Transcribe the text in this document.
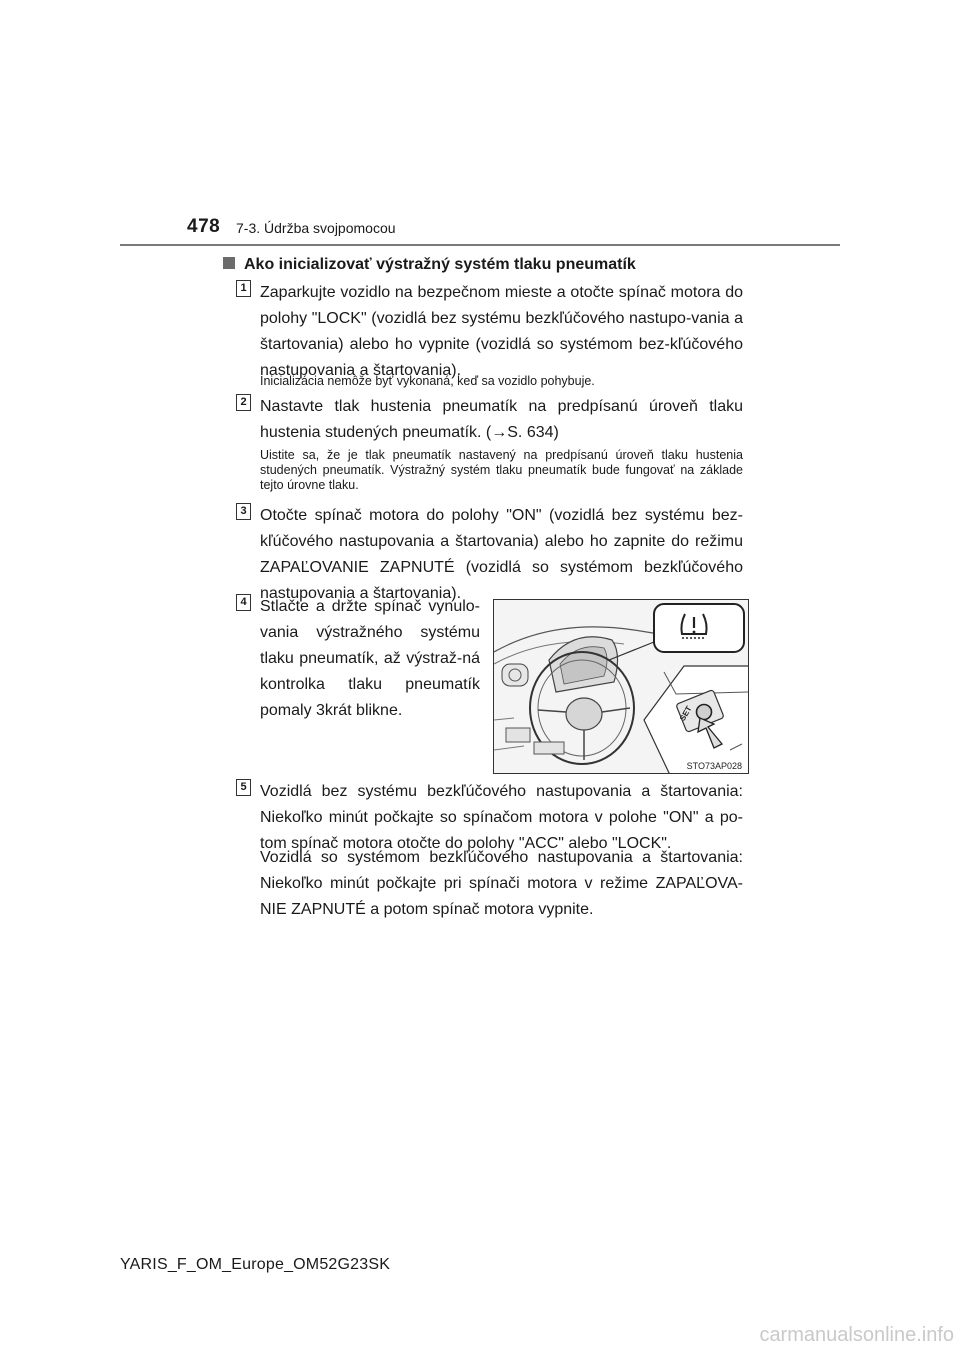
478 7-3. Údržba svojpomocou
Ako inicializovať výstražný systém tlaku pneumatík
1 Zaparkujte vozidlo na bezpečnom mieste a otočte spínač motora do polohy "LOCK" (vozidlá bez systému bezkľúčového nastupo-vania a štartovania) alebo ho vypnite (vozidlá so systémom bez-kľúčového nastupovania a štartovania).
Inicializácia nemôže byť vykonaná, keď sa vozidlo pohybuje.
2 Nastavte tlak hustenia pneumatík na predpísanú úroveň tlaku hustenia studených pneumatík. (→S. 634)
Uistite sa, že je tlak pneumatík nastavený na predpísanú úroveň tlaku hustenia studených pneumatík. Výstražný systém tlaku pneumatík bude fungovať na základe tejto úrovne tlaku.
3 Otočte spínač motora do polohy "ON" (vozidlá bez systému bez-kľúčového nastupovania a štartovania) alebo ho zapnite do režimu ZAPAĽOVANIE ZAPNUTÉ (vozidlá so systémom bezkľúčového nastupovania a štartovania).
4 Stlačte a držte spínač vynulo-vania výstražného systému tlaku pneumatík, až výstraž-ná kontrolka tlaku pneumatík pomaly 3krát blikne.	SET
STO73AP028
5 Vozidlá bez systému bezkľúčového nastupovania a štartovania: Niekoľko minút počkajte so spínačom motora v polohe "ON" a po-tom spínač motora otočte do polohy "ACC" alebo "LOCK".
Vozidlá so systémom bezkľúčového nastupovania a štartovania: Niekoľko minút počkajte pri spínači motora v režime ZAPAĽOVA-NIE ZAPNUTÉ a potom spínač motora vypnite.
YARIS_F_OM_Europe_OM52G23SK
carmanualsonline.info
